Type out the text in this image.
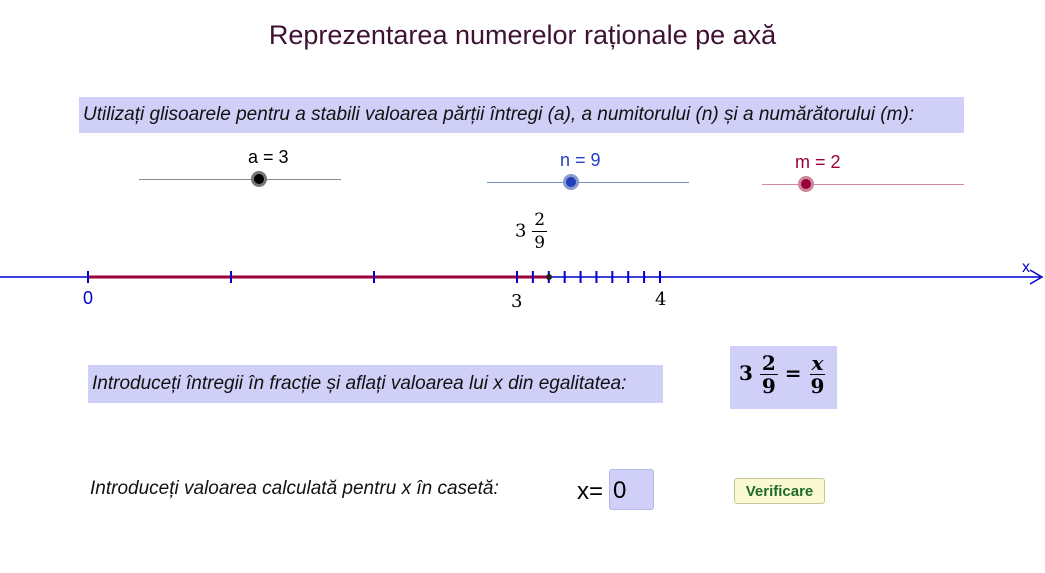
Reprezentarea numerelor raționale pe axă
Utilizați glisoarele pentru a stabili valoarea părții întregi (a), a numitorului (n) și a numărătorului (m):
a = 3	n = 9	m = 2
x
0	3	4
$3 \frac{2}{9}$
Introduceți întregii în fracție și aflați valoarea lui x din egalitatea:	$3 \frac{2}{9} = \frac{x}{9}$
Introduceți valoarea calculată pentru x în casetă:	x= 0	Verificare
